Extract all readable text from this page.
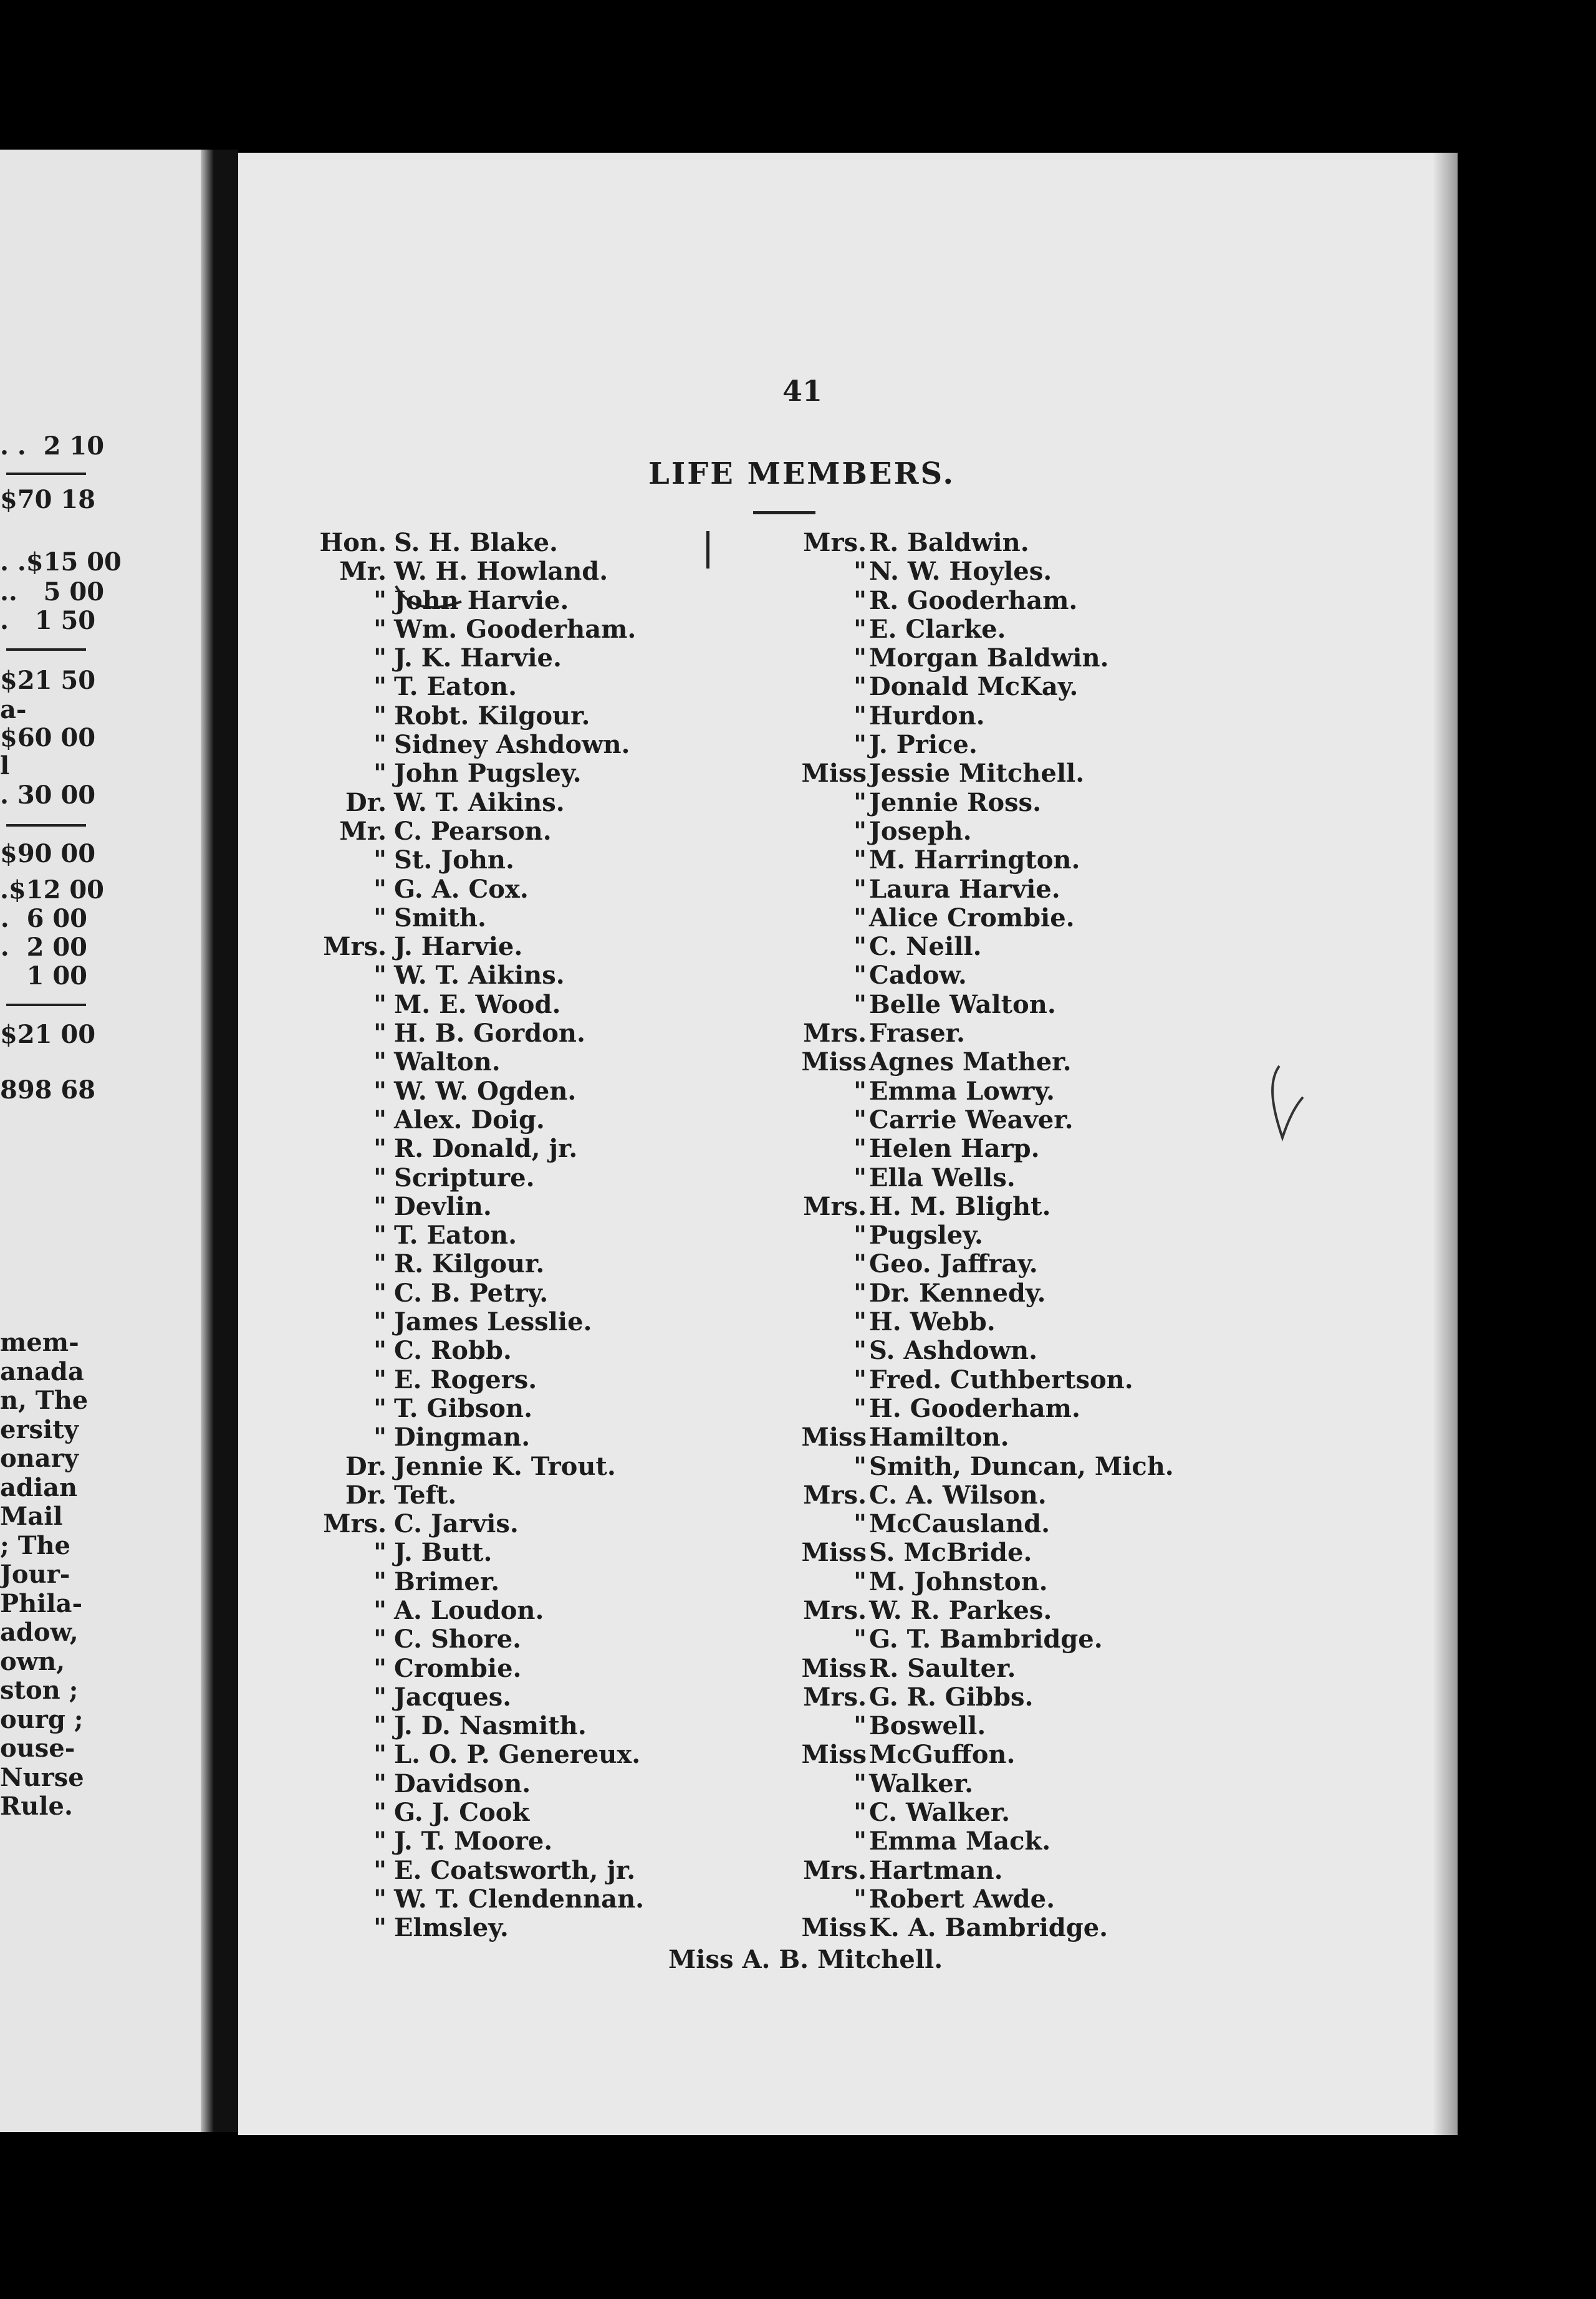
. .  2 10
$70 18
. .$15 00
..   5 00
.   1 50
$21 50
a-
$60 00
l
. 30 00
$90 00
.$12 00
.  6 00
.  2 00
1 00
$21 00
898 68
mem-
anada
n, The
ersity
onary
adian
Mail
; The
Jour-
Phila-
adow,
own,
ston ;
ourg ;
ouse-
Nurse
Rule.
41
LIFE MEMBERS.
Hon. S. H. Blake.
Mr. W. H. Howland.
" John Harvie.
" Wm. Gooderham.
" J. K. Harvie.
" T. Eaton.
" Robt. Kilgour.
" Sidney Ashdown.
" John Pugsley.
Dr. W. T. Aikins.
Mr. C. Pearson.
" St. John.
" G. A. Cox.
" Smith.
Mrs. J. Harvie.
" W. T. Aikins.
" M. E. Wood.
" H. B. Gordon.
" Walton.
" W. W. Ogden.
" Alex. Doig.
" R. Donald, jr.
" Scripture.
" Devlin.
" T. Eaton.
" R. Kilgour.
" C. B. Petry.
" James Lesslie.
" C. Robb.
" E. Rogers.
" T. Gibson.
" Dingman.
Dr. Jennie K. Trout.
Dr. Teft.
Mrs. C. Jarvis.
" J. Butt.
" Brimer.
" A. Loudon.
" C. Shore.
" Crombie.
" Jacques.
" J. D. Nasmith.
" L. O. P. Genereux.
" Davidson.
" G. J. Cook
" J. T. Moore.
" E. Coatsworth, jr.
" W. T. Clendennan.
" Elmsley.
Mrs. R. Baldwin.
" N. W. Hoyles.
" R. Gooderham.
" E. Clarke.
" Morgan Baldwin.
" Donald McKay.
" Hurdon.
" J. Price.
Miss Jessie Mitchell.
" Jennie Ross.
" Joseph.
" M. Harrington.
" Laura Harvie.
" Alice Crombie.
" C. Neill.
" Cadow.
" Belle Walton.
Mrs. Fraser.
Miss Agnes Mather.
" Emma Lowry.
" Carrie Weaver.
" Helen Harp.
" Ella Wells.
Mrs. H. M. Blight.
" Pugsley.
" Geo. Jaffray.
" Dr. Kennedy.
" H. Webb.
" S. Ashdown.
" Fred. Cuthbertson.
" H. Gooderham.
Miss Hamilton.
" Smith, Duncan, Mich.
Mrs. C. A. Wilson.
" McCausland.
Miss S. McBride.
" M. Johnston.
Mrs. W. R. Parkes.
" G. T. Bambridge.
Miss R. Saulter.
Mrs. G. R. Gibbs.
" Boswell.
Miss McGuffon.
" Walker.
" C. Walker.
" Emma Mack.
Mrs. Hartman.
" Robert Awde.
Miss K. A. Bambridge.
Miss A. B. Mitchell.
